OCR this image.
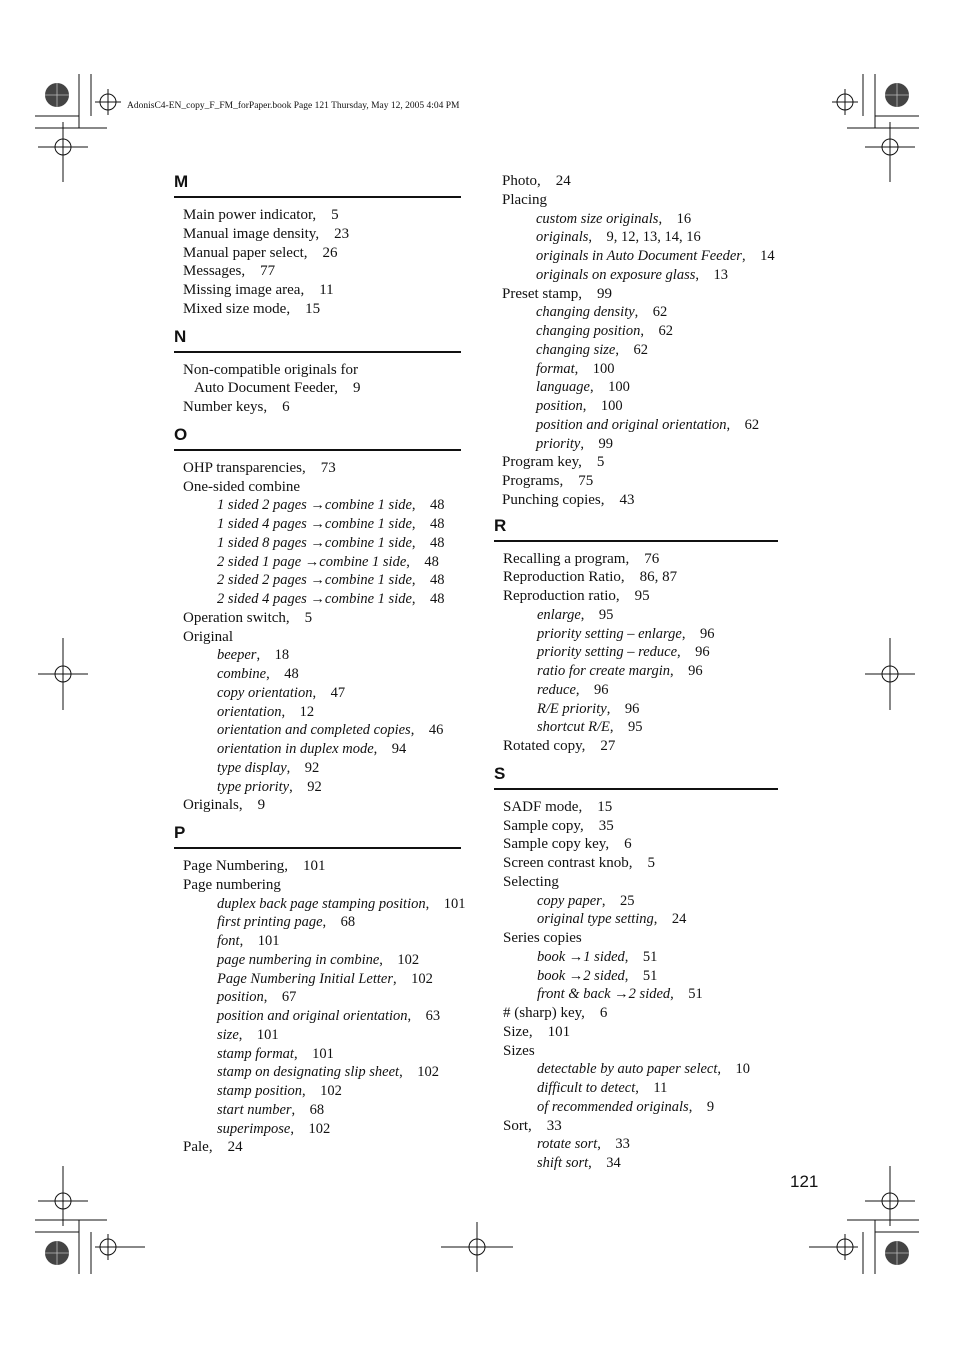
AdonisC4-EN_copy_F_FM_forPaper.book Page 121 Thursday, May 12, 2005 4:04 PM
M
Main power indicator, 5
Manual image density, 23
Manual paper select, 26
Messages, 77
Missing image area, 11
Mixed size mode, 15
N
Non-compatible originals for
Auto Document Feeder, 9
Number keys, 6
O
OHP transparencies, 73
One-sided combine
1 sided 2 pages →combine 1 side, 48
1 sided 4 pages →combine 1 side, 48
1 sided 8 pages →combine 1 side, 48
2 sided 1 page →combine 1 side, 48
2 sided 2 pages →combine 1 side, 48
2 sided 4 pages →combine 1 side, 48
Operation switch, 5
Original
beeper, 18
combine, 48
copy orientation, 47
orientation, 12
orientation and completed copies, 46
orientation in duplex mode, 94
type display, 92
type priority, 92
Originals, 9
P
Page Numbering, 101
Page numbering
duplex back page stamping position, 101
first printing page, 68
font, 101
page numbering in combine, 102
Page Numbering Initial Letter, 102
position, 67
position and original orientation, 63
size, 101
stamp format, 101
stamp on designating slip sheet, 102
stamp position, 102
start number, 68
superimpose, 102
Pale, 24
Photo, 24
Placing
custom size originals, 16
originals, 9, 12, 13, 14, 16
originals in Auto Document Feeder, 14
originals on exposure glass, 13
Preset stamp, 99
changing density, 62
changing position, 62
changing size, 62
format, 100
language, 100
position, 100
position and original orientation, 62
priority, 99
Program key, 5
Programs, 75
Punching copies, 43
R
Recalling a program, 76
Reproduction Ratio, 86, 87
Reproduction ratio, 95
enlarge, 95
priority setting – enlarge, 96
priority setting – reduce, 96
ratio for create margin, 96
reduce, 96
R/E priority, 96
shortcut R/E, 95
Rotated copy, 27
S
SADF mode, 15
Sample copy, 35
Sample copy key, 6
Screen contrast knob, 5
Selecting
copy paper, 25
original type setting, 24
Series copies
book →1 sided, 51
book →2 sided, 51
front & back →2 sided, 51
# (sharp) key, 6
Size, 101
Sizes
detectable by auto paper select, 10
difficult to detect, 11
of recommended originals, 9
Sort, 33
rotate sort, 33
shift sort, 34
121
